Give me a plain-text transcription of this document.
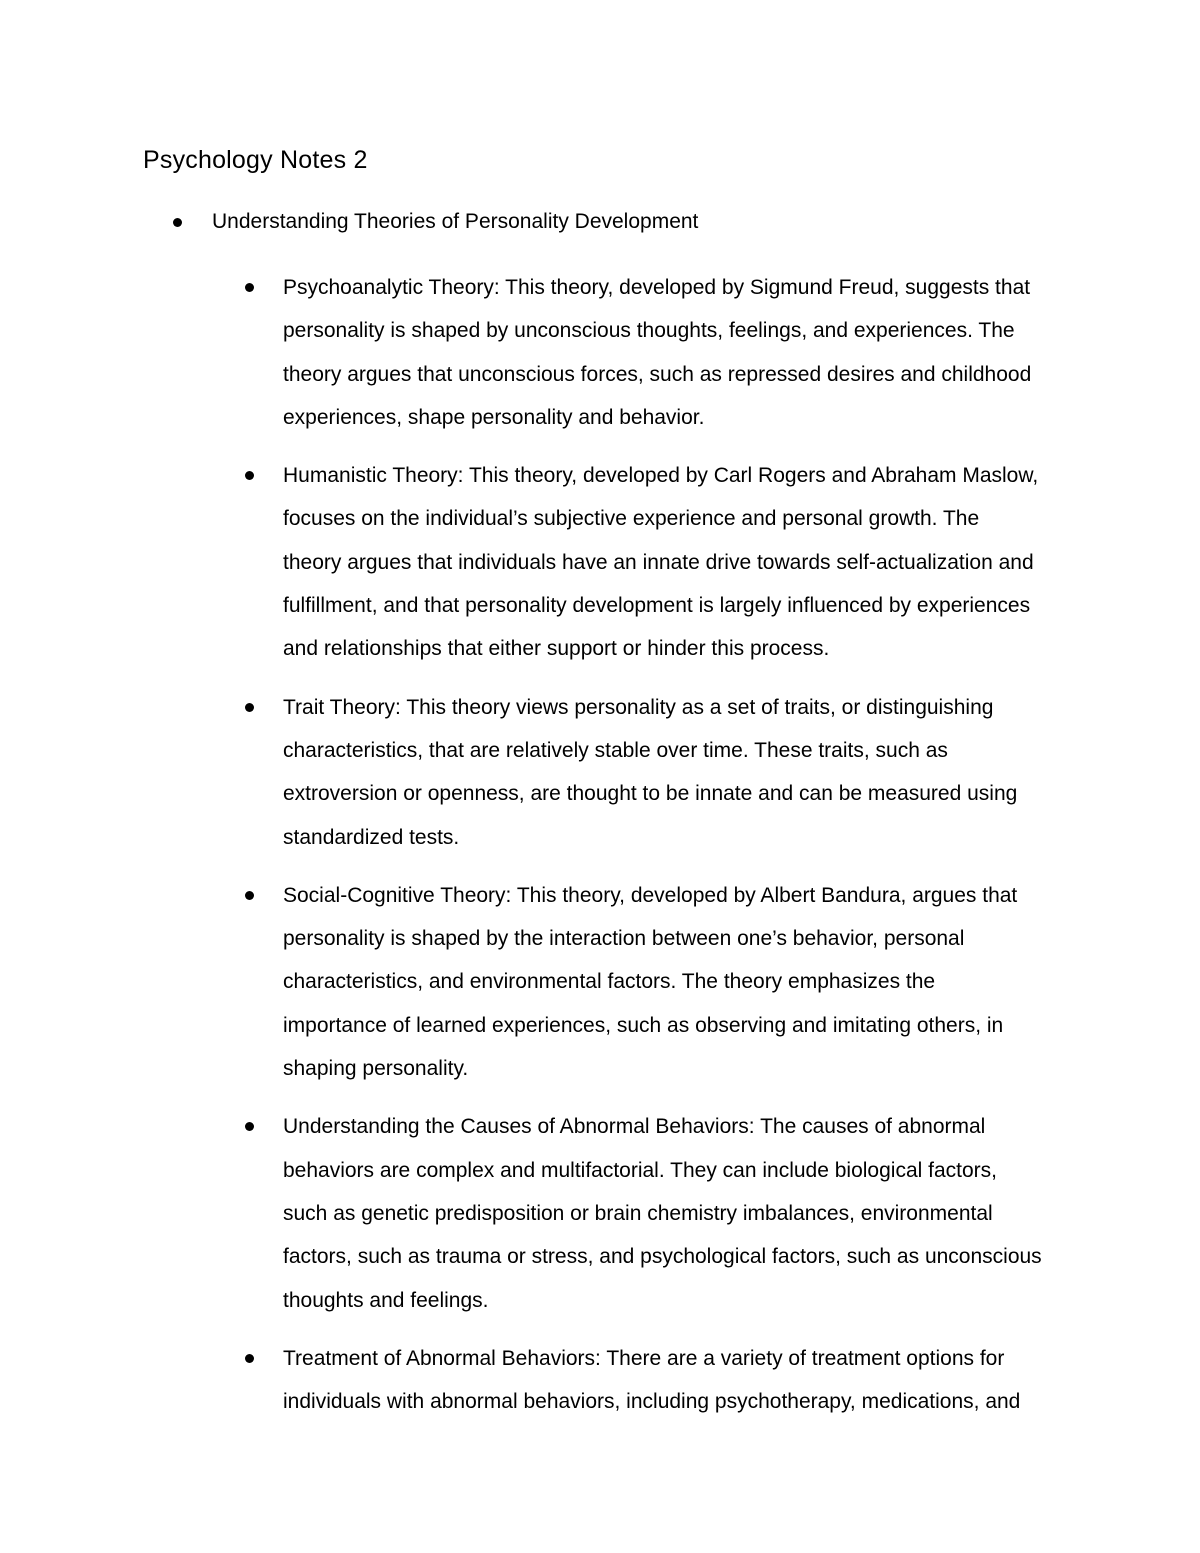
Psychology Notes 2
Understanding Theories of Personality Development
Psychoanalytic Theory: This theory, developed by Sigmund Freud, suggests that
personality is shaped by unconscious thoughts, feelings, and experiences. The
theory argues that unconscious forces, such as repressed desires and childhood
experiences, shape personality and behavior.
Humanistic Theory: This theory, developed by Carl Rogers and Abraham Maslow,
focuses on the individual’s subjective experience and personal growth. The
theory argues that individuals have an innate drive towards self-actualization and
fulfillment, and that personality development is largely influenced by experiences
and relationships that either support or hinder this process.
Trait Theory: This theory views personality as a set of traits, or distinguishing
characteristics, that are relatively stable over time. These traits, such as
extroversion or openness, are thought to be innate and can be measured using
standardized tests.
Social-Cognitive Theory: This theory, developed by Albert Bandura, argues that
personality is shaped by the interaction between one’s behavior, personal
characteristics, and environmental factors. The theory emphasizes the
importance of learned experiences, such as observing and imitating others, in
shaping personality.
Understanding the Causes of Abnormal Behaviors: The causes of abnormal
behaviors are complex and multifactorial. They can include biological factors,
such as genetic predisposition or brain chemistry imbalances, environmental
factors, such as trauma or stress, and psychological factors, such as unconscious
thoughts and feelings.
Treatment of Abnormal Behaviors: There are a variety of treatment options for
individuals with abnormal behaviors, including psychotherapy, medications, and
